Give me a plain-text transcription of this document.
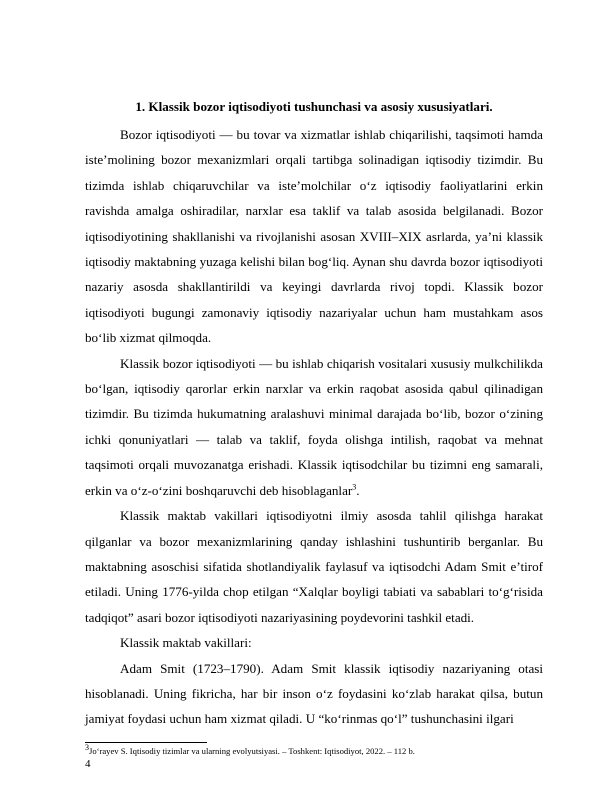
1. Klassik bozor iqtisodiyoti tushunchasi va asosiy xususiyatlari.

Bozor iqtisodiyoti — bu tovar va xizmatlar ishlab chiqarilishi, taqsimoti hamda iste’molining bozor mexanizmlari orqali tartibga solinadigan iqtisodiy tizimdir. Bu tizimda ishlab chiqaruvchilar va iste’molchilar o‘z iqtisodiy faoliyatlarini erkin ravishda amalga oshiradilar, narxlar esa taklif va talab asosida belgilanadi. Bozor iqtisodiyotining shakllanishi va rivojlanishi asosan XVIII–XIX asrlarda, ya’ni klassik iqtisodiy maktabning yuzaga kelishi bilan bog‘liq. Aynan shu davrda bozor iqtisodiyoti nazariy asosda shakllantirildi va keyingi davrlarda rivoj topdi. Klassik bozor iqtisodiyoti bugungi zamonaviy iqtisodiy nazariyalar uchun ham mustahkam asos bo‘lib xizmat qilmoqda.

Klassik bozor iqtisodiyoti — bu ishlab chiqarish vositalari xususiy mulkchilikda bo‘lgan, iqtisodiy qarorlar erkin narxlar va erkin raqobat asosida qabul qilinadigan tizimdir. Bu tizimda hukumatning aralashuvi minimal darajada bo‘lib, bozor o‘zining ichki qonuniyatlari — talab va taklif, foyda olishga intilish, raqobat va mehnat taqsimoti orqali muvozanatga erishadi. Klassik iqtisodchilar bu tizimni eng samarali, erkin va o‘z-o‘zini boshqaruvchi deb hisoblaganlar$^3$.

Klassik maktab vakillari iqtisodiyotni ilmiy asosda tahlil qilishga harakat qilganlar va bozor mexanizmlarining qanday ishlashini tushuntirib berganlar. Bu maktabning asoschisi sifatida shotlandiyalik faylasuf va iqtisodchi Adam Smit e’tirof etiladi. Uning 1776-yilda chop etilgan “Xalqlar boyligi tabiati va sabablari to‘g‘risida tadqiqot” asari bozor iqtisodiyoti nazariyasining poydevorini tashkil etadi.

Klassik maktab vakillari:

Adam Smit (1723–1790). Adam Smit klassik iqtisodiy nazariyaning otasi hisoblanadi. Uning fikricha, har bir inson o‘z foydasini ko‘zlab harakat qilsa, butun jamiyat foydasi uchun ham xizmat qiladi. U “ko‘rinmas qo‘l” tushunchasini ilgari

$^3$Jo‘rayev S. Iqtisodiy tizimlar va ularning evolyutsiyasi. – Toshkent: Iqtisodiyot, 2022. – 112 b.
4
